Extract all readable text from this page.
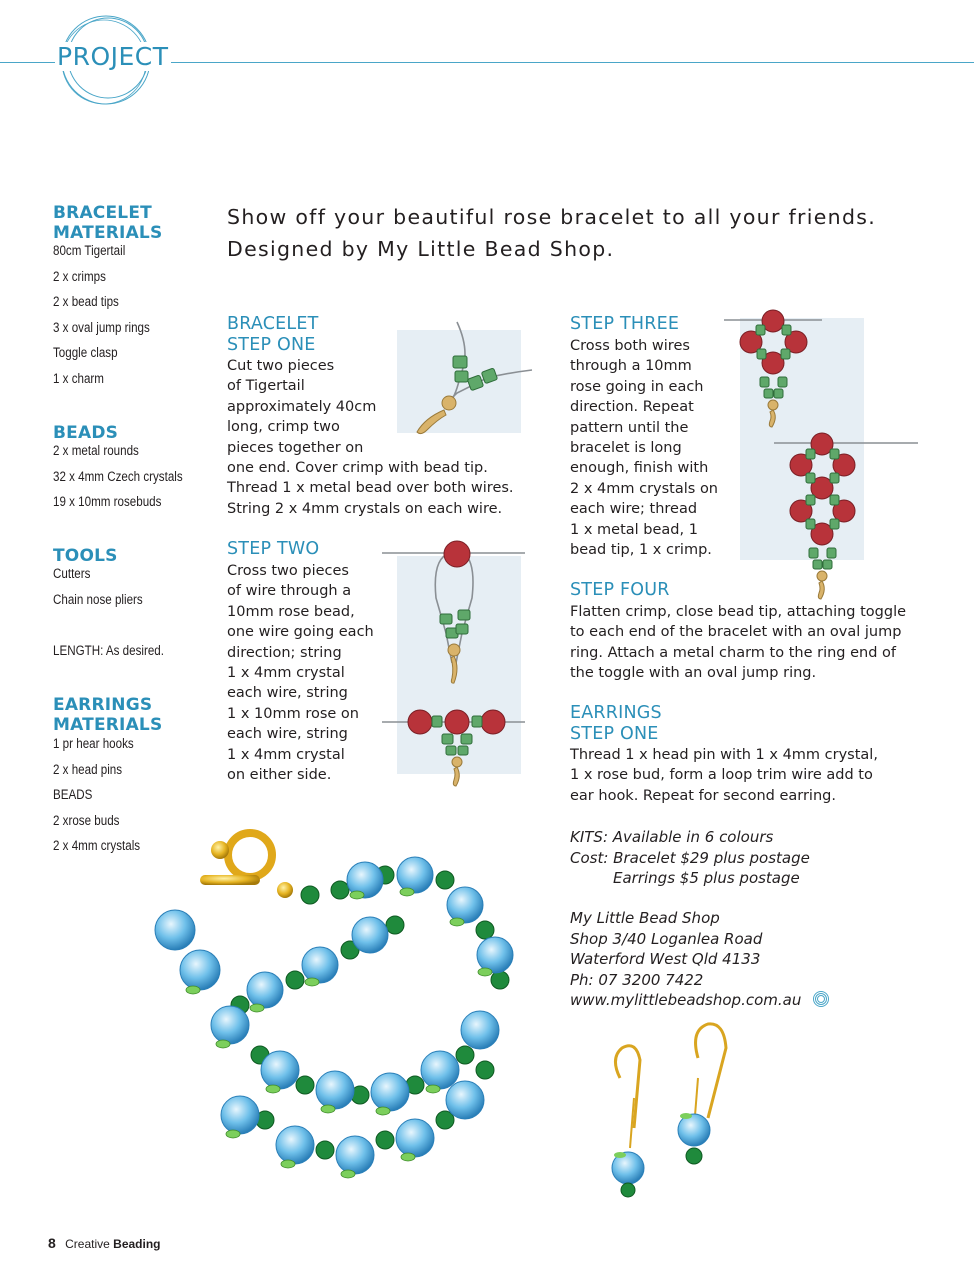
PROJECT
BRACELET
MATERIALS
80cm Tigertail
2 x crimps
2 x bead tips
3 x oval jump rings
Toggle clasp
1 x charm
BEADS
2 x metal rounds
32 x 4mm Czech crystals
19 x 10mm rosebuds
TOOLS
Cutters
Chain nose pliers
LENGTH: As desired.
EARRINGS
MATERIALS
1 pr hear hooks
2 x head pins
BEADS
2 xrose buds
2 x 4mm crystals
Show off your beautiful rose bracelet to all your friends.
Designed by My Little Bead Shop.
BRACELET
STEP ONE
Cut two pieces
of Tigertail
approximately 40cm
long, crimp two
pieces together on
one end. Cover crimp with bead tip.
Thread 1 x metal bead over both wires.
String 2 x 4mm crystals on each wire.
STEP TWO
Cross two pieces
of wire through a
10mm rose bead,
one wire going each
direction; string
1 x 4mm crystal
each wire, string
1 x 10mm rose on
each wire, string
1 x 4mm crystal
on either side.
STEP THREE
Cross both wires
through a 10mm
rose going in each
direction. Repeat
pattern until the
bracelet is long
enough, finish with
2 x 4mm crystals on
each wire; thread
1 x metal bead, 1
bead tip, 1 x crimp.
STEP FOUR
Flatten crimp, close bead tip, attaching toggle
to each end of the bracelet with an oval jump
ring. Attach a metal charm to the ring end of
the toggle with an oval jump ring.
EARRINGS
STEP ONE
Thread 1 x head pin with 1 x 4mm crystal,
1 x rose bud, form a loop trim wire add to
ear hook. Repeat for second earring.
KITS: Available in 6 colours
Cost: Bracelet $29 plus postage
Earrings $5 plus postage
My Little Bead Shop
Shop 3/40 Loganlea Road
Waterford West Qld 4133
Ph: 07 3200 7422
www.mylittlebeadshop.com.au
8 Creative Beading
